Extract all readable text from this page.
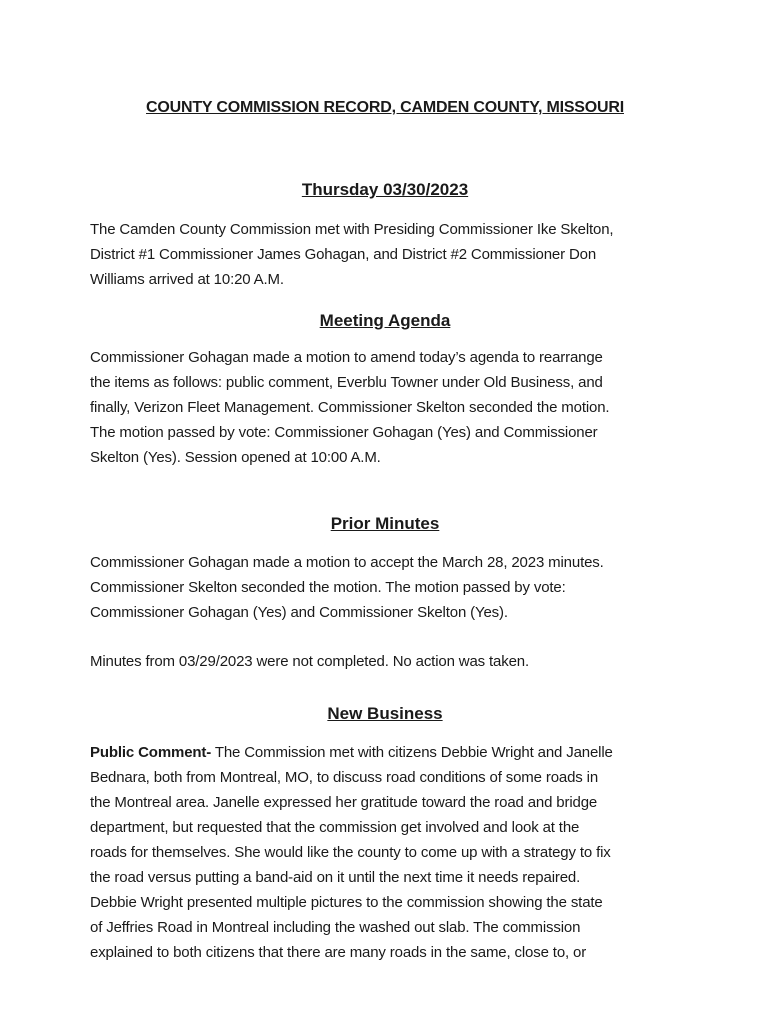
COUNTY COMMISSION RECORD, CAMDEN COUNTY, MISSOURI
Thursday 03/30/2023
The Camden County Commission met with Presiding Commissioner Ike Skelton,
District #1 Commissioner James Gohagan, and District #2 Commissioner Don
Williams arrived at 10:20 A.M.
Meeting Agenda
Commissioner Gohagan made a motion to amend today’s agenda to rearrange
the items as follows: public comment, Everblu Towner under Old Business, and
finally, Verizon Fleet Management. Commissioner Skelton seconded the motion.
The motion passed by vote: Commissioner Gohagan (Yes) and Commissioner
Skelton (Yes). Session opened at 10:00 A.M.
Prior Minutes
Commissioner Gohagan made a motion to accept the March 28, 2023 minutes.
Commissioner Skelton seconded the motion. The motion passed by vote:
Commissioner Gohagan (Yes) and Commissioner Skelton (Yes).
Minutes from 03/29/2023 were not completed. No action was taken.
New Business
Public Comment- The Commission met with citizens Debbie Wright and Janelle
Bednara, both from Montreal, MO, to discuss road conditions of some roads in
the Montreal area. Janelle expressed her gratitude toward the road and bridge
department, but requested that the commission get involved and look at the
roads for themselves. She would like the county to come up with a strategy to fix
the road versus putting a band-aid on it until the next time it needs repaired.
Debbie Wright presented multiple pictures to the commission showing the state
of Jeffries Road in Montreal including the washed out slab. The commission
explained to both citizens that there are many roads in the same, close to, or
